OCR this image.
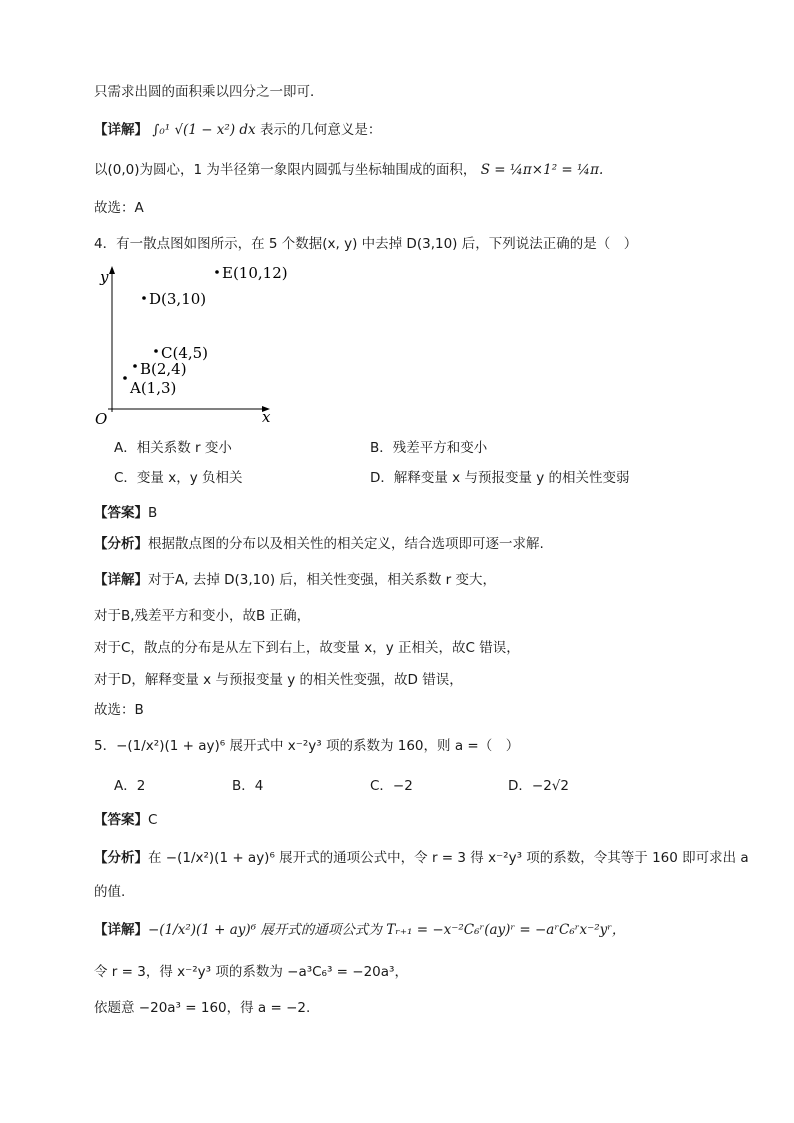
只需求出圆的面积乘以四分之一即可．
【详解】 ∫₀¹ √(1 − x²) dx 表示的几何意义是：
以(0,0)为圆心，1 为半径第一象限内圆弧与坐标轴围成的面积， S = ¼π×1² = ¼π.
故选：A
4．有一散点图如图所示，在 5 个数据(x, y) 中去掉 D(3,10) 后，下列说法正确的是（　）
y
x
O
A(1,3)
B(2,4)
C(4,5)
D(3,10)
E(10,12)
A．相关系数 r 变小	B．残差平方和变小
C．变量 x，y 负相关	D．解释变量 x 与预报变量 y 的相关性变弱
【答案】B
【分析】根据散点图的分布以及相关性的相关定义，结合选项即可逐一求解.
【详解】对于A, 去掉 D(3,10) 后，相关性变强，相关系数 r 变大，
对于B,残差平方和变小，故B 正确，
对于C，散点的分布是从左下到右上，故变量 x，y 正相关，故C 错误，
对于D，解释变量 x 与预报变量 y 的相关性变强，故D 错误，
故选：B
5．−(1/x²)(1 + ay)⁶ 展开式中 x⁻²y³ 项的系数为 160，则 a =（　）
A．2	B．4	C．−2	D．−2√2
【答案】C
【分析】在 −(1/x²)(1 + ay)⁶ 展开式的通项公式中，令 r = 3 得 x⁻²y³ 项的系数，令其等于 160 即可求出 a
的值.
【详解】−(1/x²)(1 + ay)⁶ 展开式的通项公式为 Tᵣ₊₁ = −x⁻²C₆ʳ(ay)ʳ = −aʳC₆ʳx⁻²yʳ，
令 r = 3，得 x⁻²y³ 项的系数为 −a³C₆³ = −20a³，
依题意 −20a³ = 160，得 a = −2.
